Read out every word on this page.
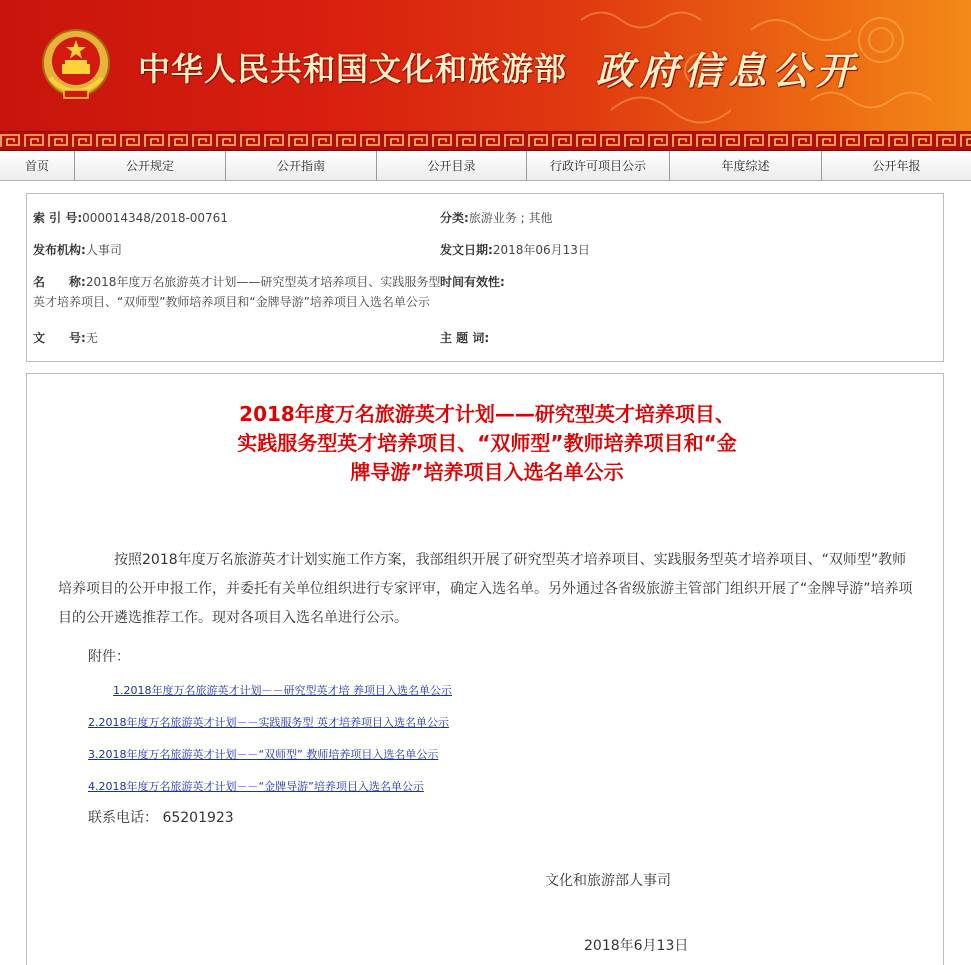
中华人民共和国文化和旅游部 政府信息公开
首页	公开规定	公开指南	公开目录	行政许可项目公示	年度综述	公开年报
索 引 号:000014348/2018-00761	分类:旅游业务 ; 其他
发布机构:人事司	发文日期:2018年06月13日
名　　称:2018年度万名旅游英才计划——研究型英才培养项目、实践服务型英才培养项目、“双师型”教师培养项目和“金牌导游”培养项目入选名单公示
时间有效性:
文　　号:无	主 题 词:
2018年度万名旅游英才计划——研究型英才培养项目、实践服务型英才培养项目、“双师型”教师培养项目和“金牌导游”培养项目入选名单公示
按照2018年度万名旅游英才计划实施工作方案，我部组织开展了研究型英才培养项目、实践服务型英才培养项目、“双师型”教师培养项目的公开申报工作，并委托有关单位组织进行专家评审，确定入选名单。另外通过各省级旅游主管部门组织开展了“金牌导游”培养项目的公开遴选推荐工作。现对各项目入选名单进行公示。
附件：
1.2018年度万名旅游英才计划－－研究型英才培 养项目入选名单公示
2.2018年度万名旅游英才计划－－实践服务型 英才培养项目入选名单公示
3.2018年度万名旅游英才计划－－“双师型” 教师培养项目入选名单公示
4.2018年度万名旅游英才计划－－“金牌导游”培养项目入选名单公示
联系电话： 65201923
文化和旅游部人事司
2018年6月13日
